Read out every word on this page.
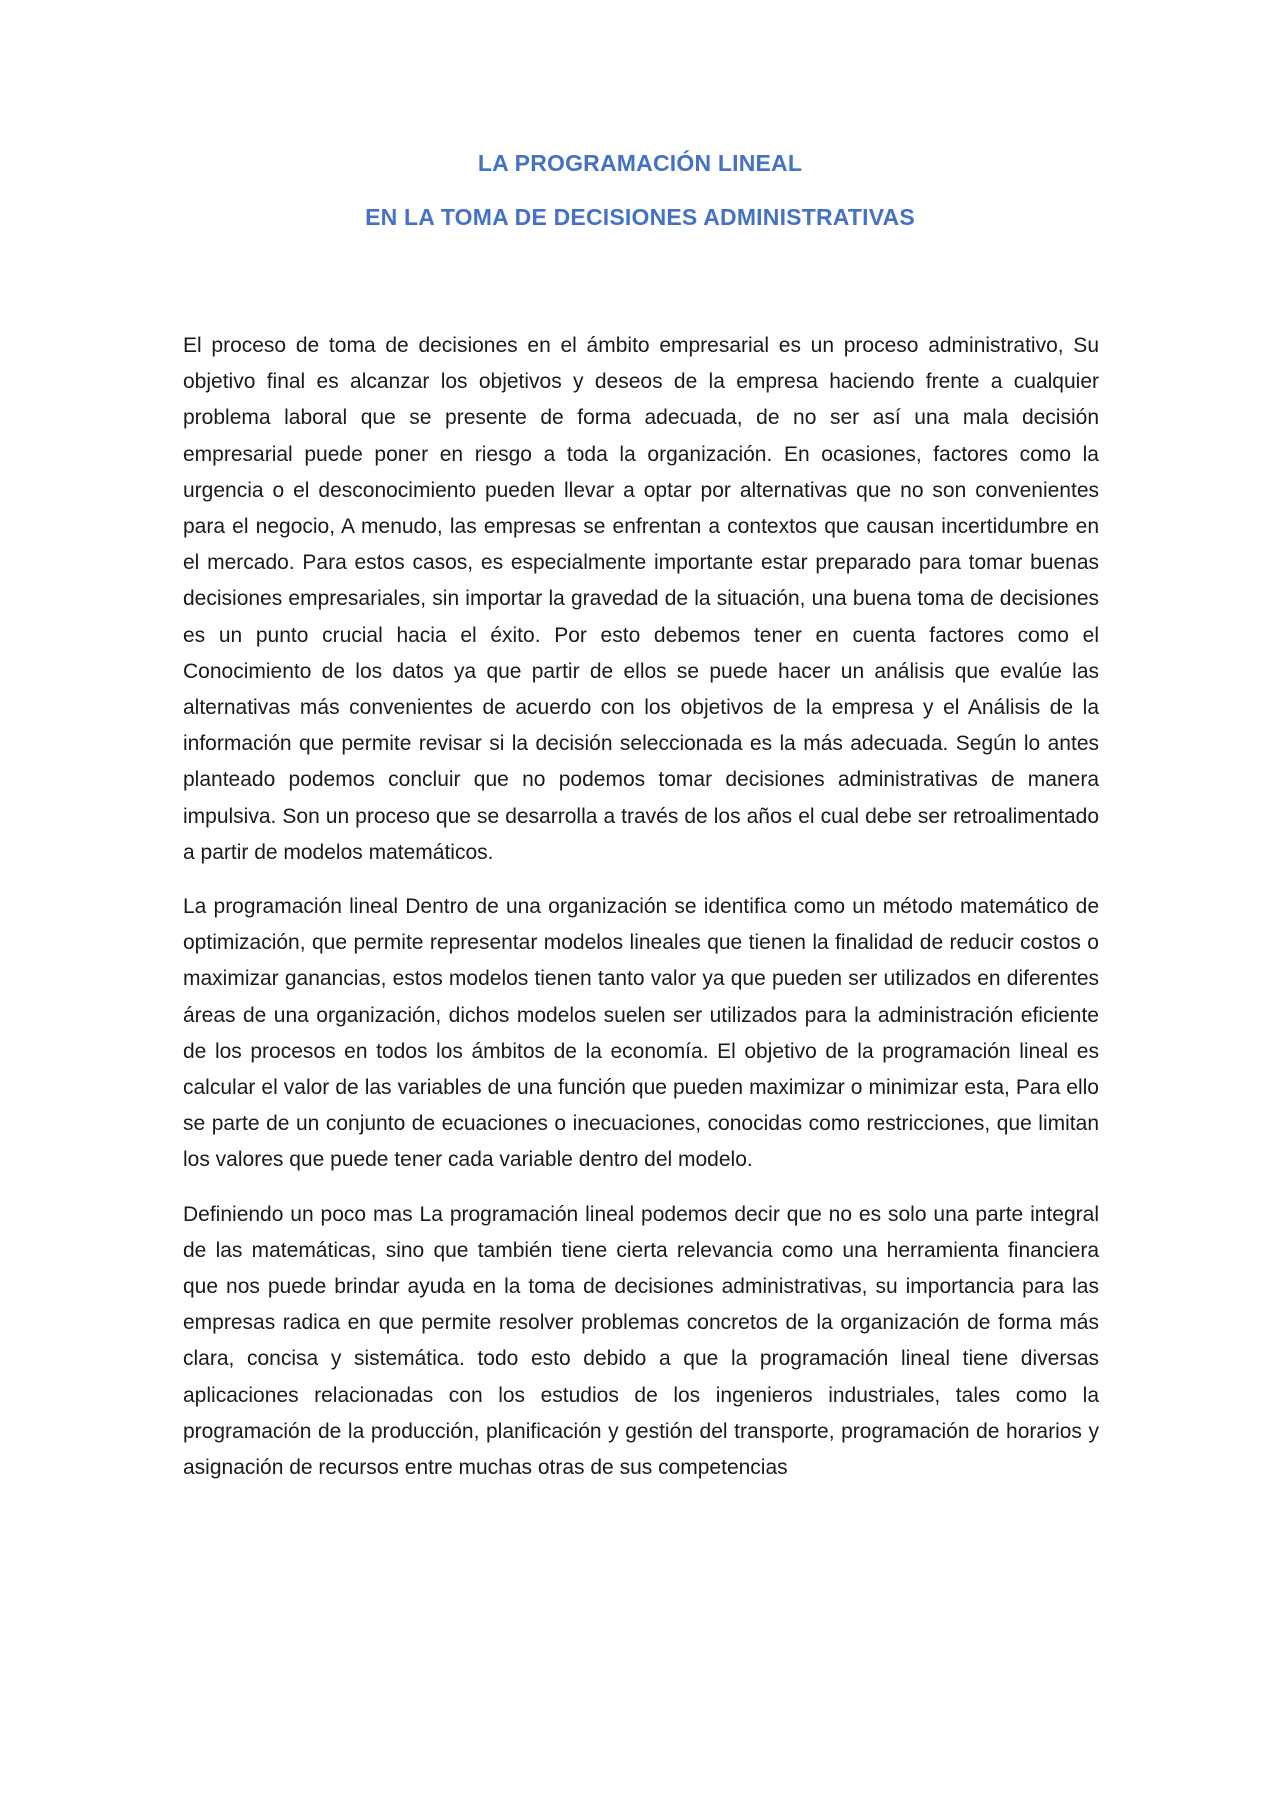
LA PROGRAMACIÓN LINEAL
EN LA TOMA DE DECISIONES ADMINISTRATIVAS

El proceso de toma de decisiones en el ámbito empresarial es un proceso administrativo, Su objetivo final es alcanzar los objetivos y deseos de la empresa haciendo frente a cualquier problema laboral que se presente de forma adecuada, de no ser así una mala decisión empresarial puede poner en riesgo a toda la organización. En ocasiones, factores como la urgencia o el desconocimiento pueden llevar a optar por alternativas que no son convenientes para el negocio, A menudo, las empresas se enfrentan a contextos que causan incertidumbre en el mercado. Para estos casos, es especialmente importante estar preparado para tomar buenas decisiones empresariales, sin importar la gravedad de la situación, una buena toma de decisiones es un punto crucial hacia el éxito. Por esto debemos tener en cuenta factores como el Conocimiento de los datos ya que partir de ellos se puede hacer un análisis que evalúe las alternativas más convenientes de acuerdo con los objetivos de la empresa y el Análisis de la información que permite revisar si la decisión seleccionada es la más adecuada. Según lo antes planteado podemos concluir que no podemos tomar decisiones administrativas de manera impulsiva. Son un proceso que se desarrolla a través de los años el cual debe ser retroalimentado a partir de modelos matemáticos.

La programación lineal Dentro de una organización se identifica como un método matemático de optimización, que permite representar modelos lineales que tienen la finalidad de reducir costos o maximizar ganancias, estos modelos tienen tanto valor ya que pueden ser utilizados en diferentes áreas de una organización, dichos modelos suelen ser utilizados para la administración eficiente de los procesos en todos los ámbitos de la economía. El objetivo de la programación lineal es calcular el valor de las variables de una función que pueden maximizar o minimizar esta, Para ello se parte de un conjunto de ecuaciones o inecuaciones, conocidas como restricciones, que limitan los valores que puede tener cada variable dentro del modelo.

Definiendo un poco mas La programación lineal podemos decir que no es solo una parte integral de las matemáticas, sino que también tiene cierta relevancia como una herramienta financiera que nos puede brindar ayuda en la toma de decisiones administrativas, su importancia para las empresas radica en que permite resolver problemas concretos de la organización de forma más clara, concisa y sistemática. todo esto debido a que la programación lineal tiene diversas aplicaciones relacionadas con los estudios de los ingenieros industriales, tales como la programación de la producción, planificación y gestión del transporte, programación de horarios y asignación de recursos entre muchas otras de sus competencias
